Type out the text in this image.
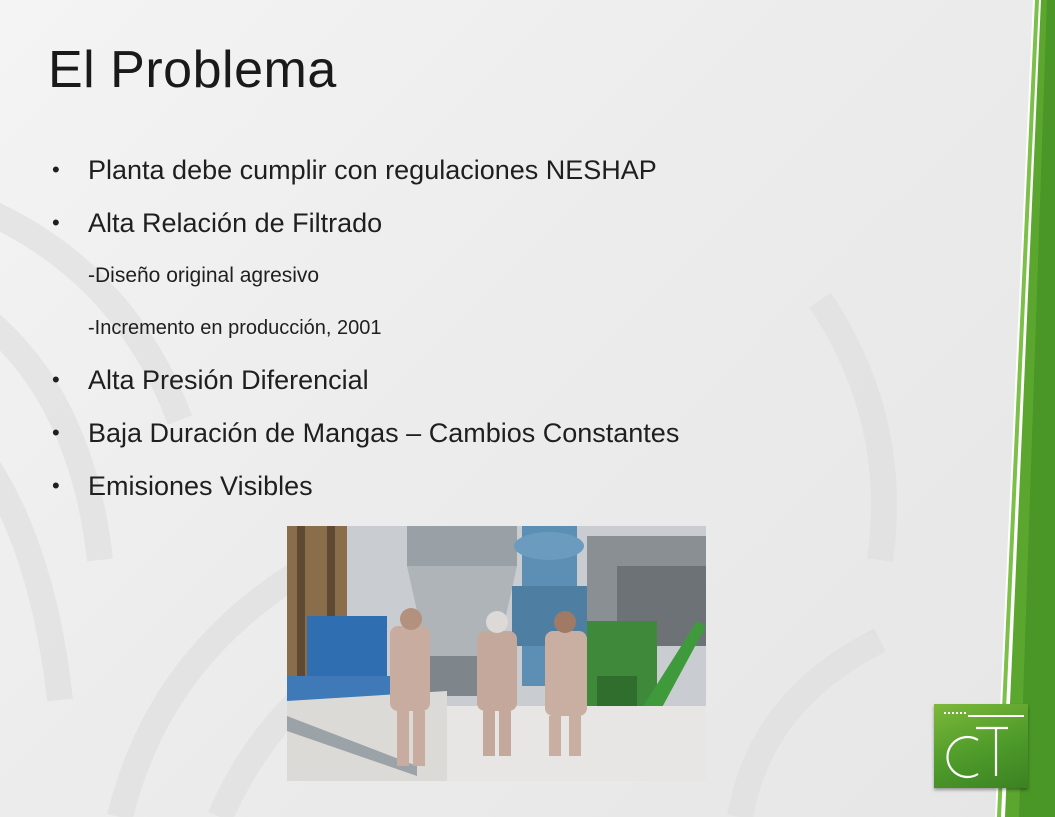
El Problema
• Planta debe cumplir con regulaciones NESHAP
• Alta Relación de Filtrado
-Diseño original agresivo
-Incremento en producción, 2001
• Alta Presión Diferencial
• Baja Duración de Mangas – Cambios Constantes
• Emisiones Visibles
